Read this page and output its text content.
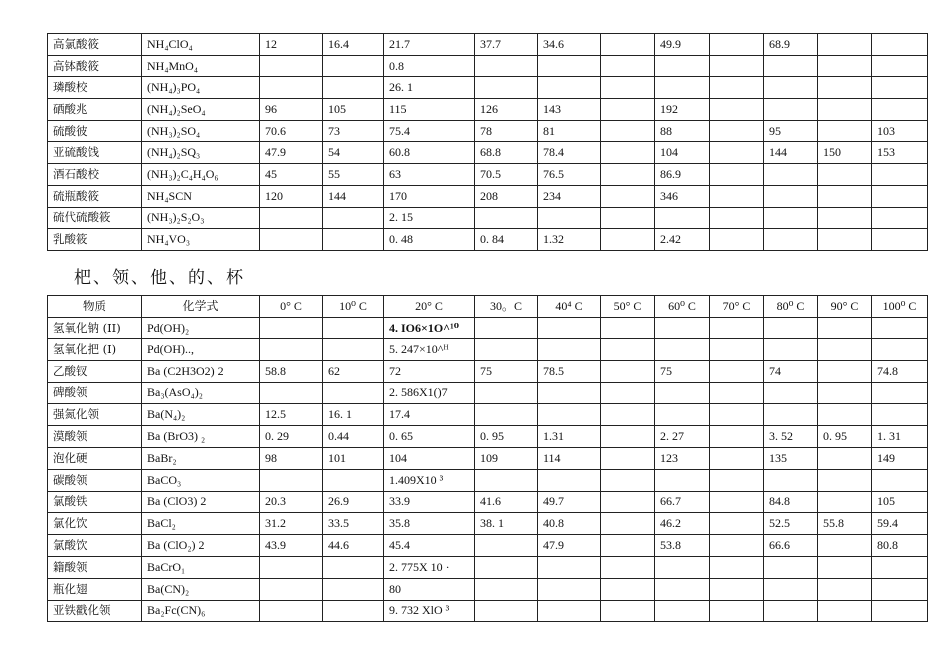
高氯酸筱	NH₄ClO₄	12	16.4	21.7	37.7	34.6		49.9		68.9		
高钵酸筱	NH₄MnO₄			0.8								
璘酸校	(NH₄)₃PO₄			26. 1								
硒酸兆	(NH₄)₂SeO₄	96	105	115	126	143		192				
硫酸彼	(NH₃)₂SO₄	70.6	73	75.4	78	81		88		95		103
亚硫酸饯	(NH₄)₂SQ₃	47.9	54	60.8	68.8	78.4		104		144	150	153
酒石酸校	(NH₃)₂C₄H₄O₆	45	55	63	70.5	76.5		86.9				
硫瓶酸筱	NH₄SCN	120	144	170	208	234		346				
硫代硫酸筱	(NH₃)₂S₂O₃			2. 15								
乳酸筱	NH₄VO₃			0. 48	0. 84	1.32		2.42				
杷、领、他、的、杯
物质	化学式	0° C	10⁰ C	20° C	30。C	40⁴ C	50° C	60⁰ C	70° C	80⁰ C	90° C	100⁰ C
氢氧化钠 (II)	Pd(OH)₂			4. IO6×1O^¹⁰								
氢氧化把 (I)	Pd(OH)..,			5. 247×10^ᴴ								
乙酸钗	Ba (C2H3O2) 2	58.8	62	72	75	78.5		75		74		74.8
碑酸领	Ba₃(AsO₄)₂			2. 586X1()7								
强氮化领	Ba(N₄)₂	12.5	16. 1	17.4								
漠酸领	Ba (BrO3) ₂	0. 29	0.44	0. 65	0. 95	1.31		2. 27		3. 52	0. 95	1. 31
泡化硬	BaBr₂	98	101	104	109	114		123		135		149
碳酸领	BaCO₃			1.409X10 ³								
氯酸铁	Ba (ClO3) 2	20.3	26.9	33.9	41.6	49.7		66.7		84.8		105
氯化饮	BaCl₂	31.2	33.5	35.8	38. 1	40.8		46.2		52.5	55.8	59.4
氯酸饮	Ba (ClO₂) 2	43.9	44.6	45.4		47.9		53.8		66.6		80.8
籍酸领	BaCrO₁			2. 775X 10 ·								
瓶化翅	Ba(CN)₂			80								
亚铁戳化领	Ba₂Fc(CN)₆			9. 732 XlO ³								
